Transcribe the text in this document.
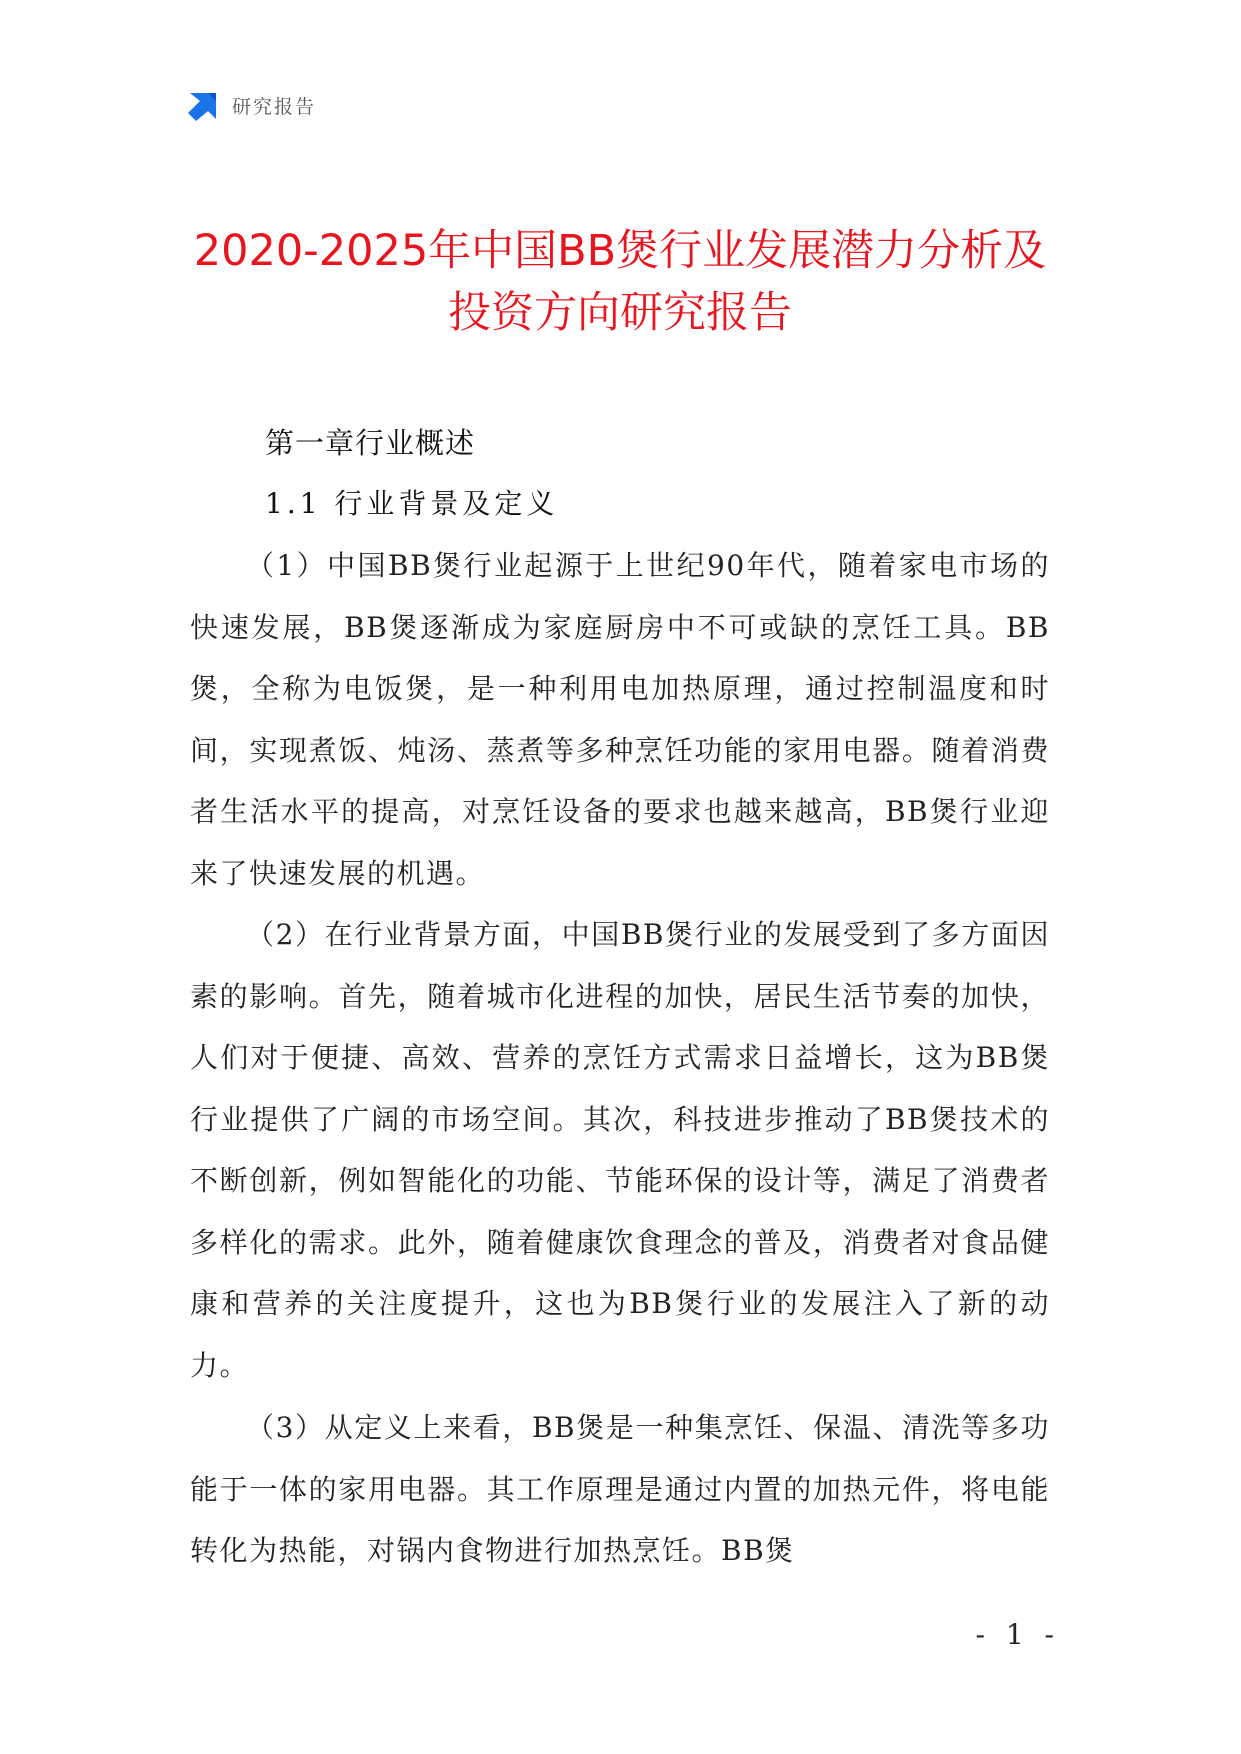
研究报告
2020-2025年中国BB煲行业发展潜力分析及
投资方向研究报告
第一章行业概述
1.1 行业背景及定义

（1）中国BB煲行业起源于上世纪90年代，随着家电市场的快速发展，BB煲逐渐成为家庭厨房中不可或缺的烹饪工具。BB煲，全称为电饭煲，是一种利用电加热原理，通过控制温度和时间，实现煮饭、炖汤、蒸煮等多种烹饪功能的家用电器。随着消费者生活水平的提高，对烹饪设备的要求也越来越高，BB煲行业迎来了快速发展的机遇。

（2）在行业背景方面，中国BB煲行业的发展受到了多方面因素的影响。首先，随着城市化进程的加快，居民生活节奏的加快，人们对于便捷、高效、营养的烹饪方式需求日益增长，这为BB煲行业提供了广阔的市场空间。其次，科技进步推动了BB煲技术的不断创新，例如智能化的功能、节能环保的设计等，满足了消费者多样化的需求。此外，随着健康饮食理念的普及，消费者对食品健康和营养的关注度提升，这也为BB煲行业的发展注入了新的动力。

（3）从定义上来看，BB煲是一种集烹饪、保温、清洗等多功能于一体的家用电器。其工作原理是通过内置的加热元件，将电能转化为热能，对锅内食物进行加热烹饪。BB煲

- 1 -
